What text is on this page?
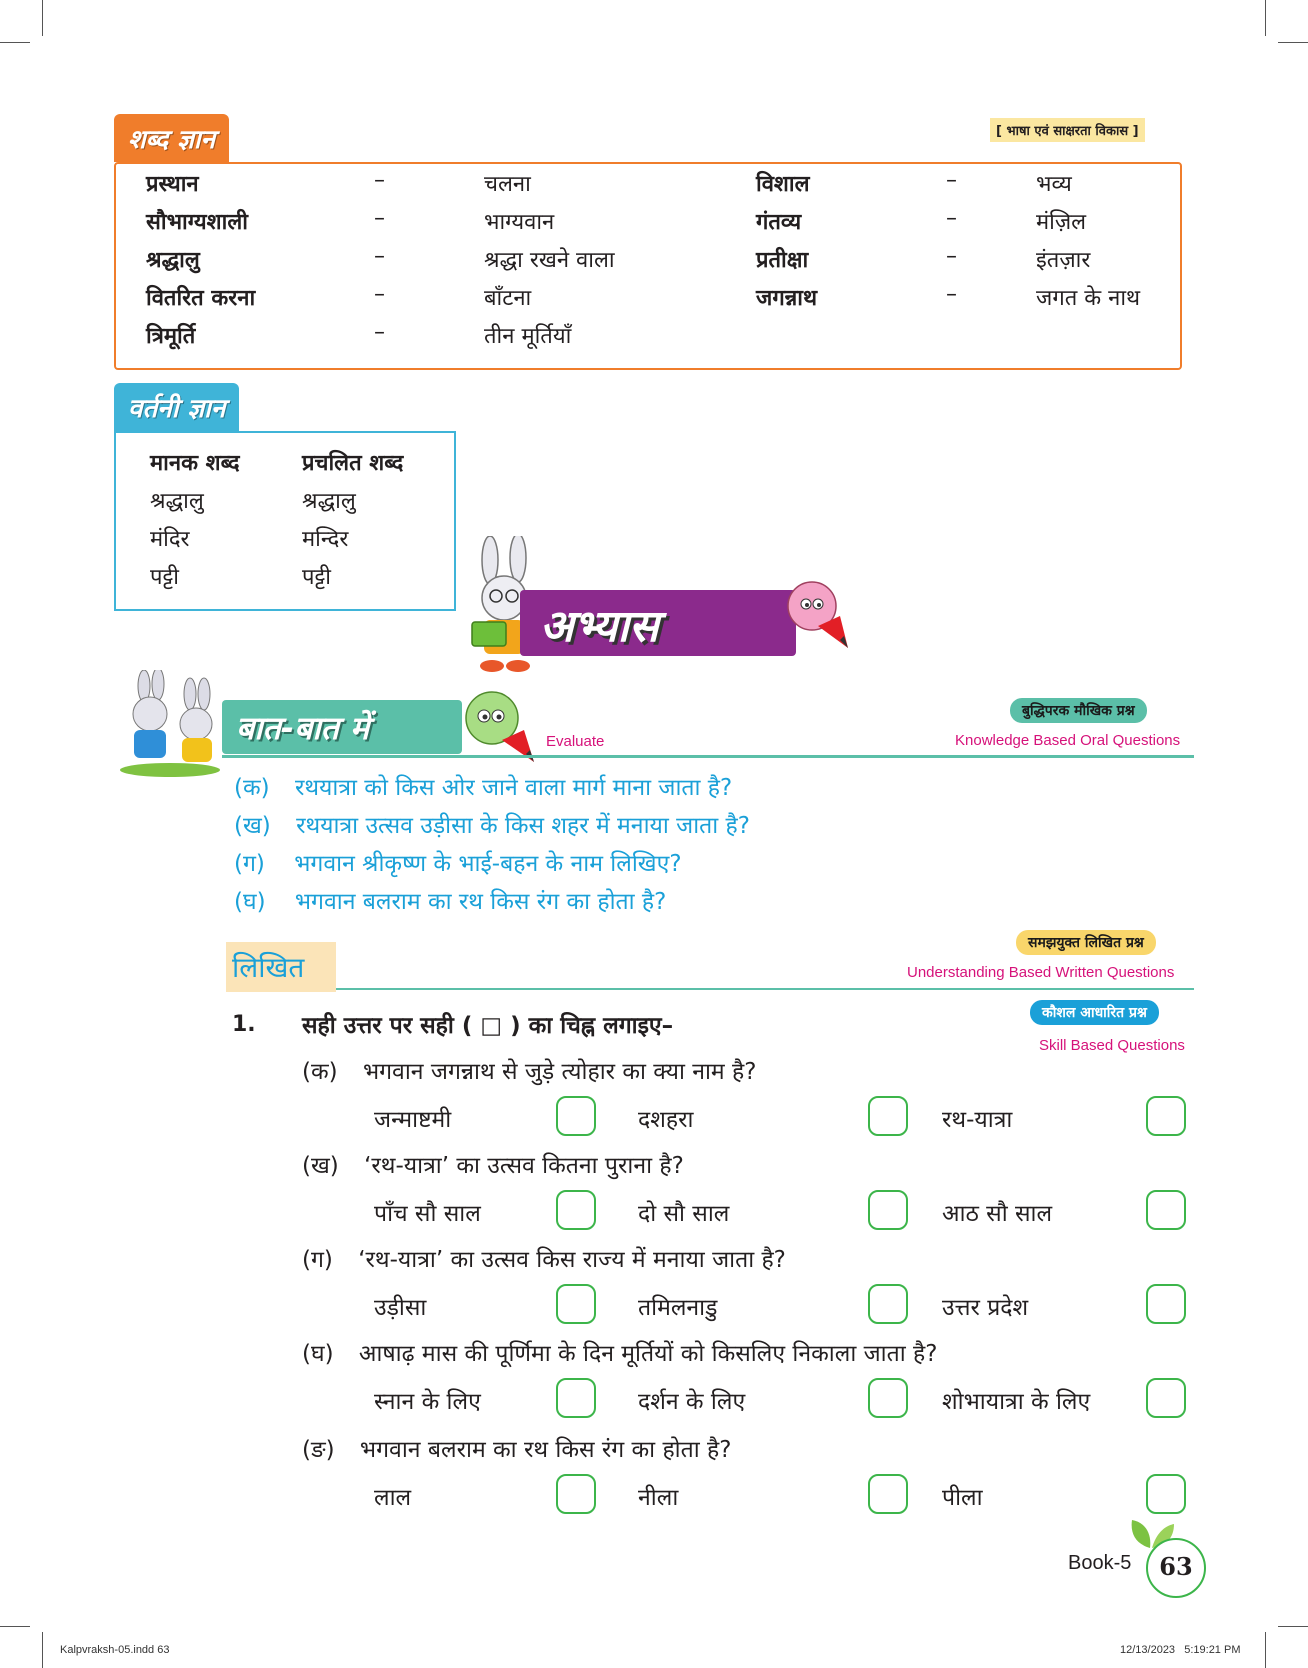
शब्द ज्ञान	[ भाषा एवं साक्षरता विकास ]
प्रस्थान	–	चलना	विशाल	–	भव्य
सौभाग्यशाली	–	भाग्यवान	गंतव्य	–	मंज़िल
श्रद्धालु	–	श्रद्धा रखने वाला	प्रतीक्षा	–	इंतज़ार
वितरित करना	–	बाँटना	जगन्नाथ	–	जगत के नाथ
त्रिमूर्ति	–	तीन मूर्तियाँ
वर्तनी ज्ञान
मानक शब्द	प्रचलित शब्द
श्रद्धालु	श्रद्धालु
मंदिर	मन्दिर
पट्टी	पट्टी
अभ्यास
बात-बात में	Evaluate
बुद्धिपरक मौखिक प्रश्न
Knowledge Based Oral Questions
(क) रथयात्रा को किस ओर जाने वाला मार्ग माना जाता है?
(ख) रथयात्रा उत्सव उड़ीसा के किस शहर में मनाया जाता है?
(ग) भगवान श्रीकृष्ण के भाई-बहन के नाम लिखिए?
(घ) भगवान बलराम का रथ किस रंग का होता है?
लिखित
समझयुक्त लिखित प्रश्न
Understanding Based Written Questions
कौशल आधारित प्रश्न
Skill Based Questions
1. सही उत्तर पर सही ( □ ) का चिह्न लगाइए–
(क) भगवान जगन्नाथ से जुड़े त्योहार का क्या नाम है?
जन्माष्टमी	दशहरा	रथ-यात्रा
(ख) ‘रथ-यात्रा’ का उत्सव कितना पुराना है?
पाँच सौ साल	दो सौ साल	आठ सौ साल
(ग) ‘रथ-यात्रा’ का उत्सव किस राज्य में मनाया जाता है?
उड़ीसा	तमिलनाडु	उत्तर प्रदेश
(घ) आषाढ़ मास की पूर्णिमा के दिन मूर्तियों को किसलिए निकाला जाता है?
स्नान के लिए	दर्शन के लिए	शोभायात्रा के लिए
(ङ) भगवान बलराम का रथ किस रंग का होता है?
लाल	नीला	पीला
Book-5	63
Kalpvraksh-05.indd 63	12/13/2023   5:19:21 PM
